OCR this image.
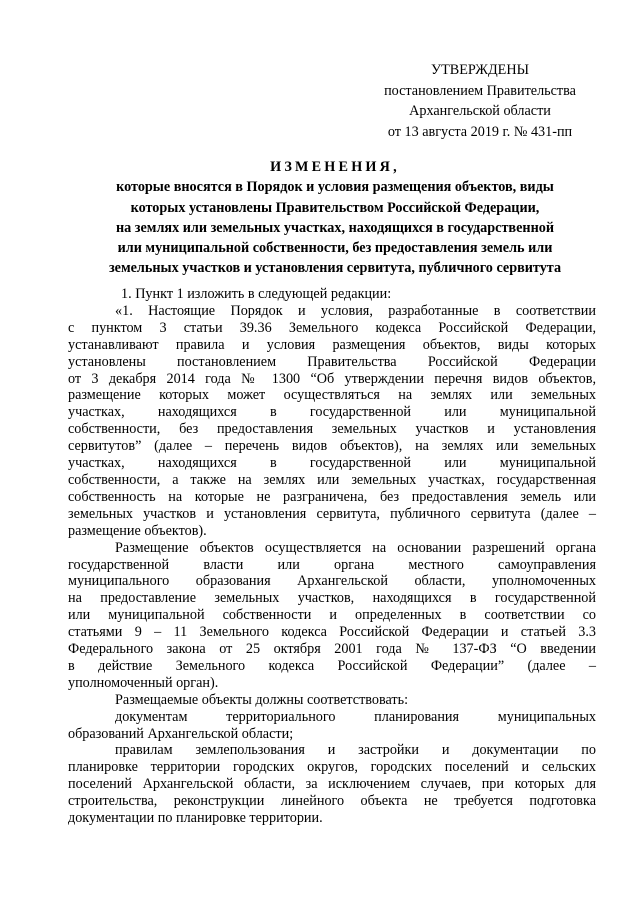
УТВЕРЖДЕНЫ
постановлением Правительства
Архангельской области
от 13 августа 2019 г. № 431-пп
ИЗМЕНЕНИЯ,
которые вносятся в Порядок и условия размещения объектов, виды
которых установлены Правительством Российской Федерации,
на землях или земельных участках, находящихся в государственной
или муниципальной собственности, без предоставления земель или
земельных участков и установления сервитута, публичного сервитута
1. Пункт 1 изложить в следующей редакции:
«1. Настоящие Порядок и условия, разработанные в соответствии
с пунктом 3 статьи 39.36 Земельного кодекса Российской Федерации,
устанавливают правила и условия размещения объектов, виды которых
установлены постановлением Правительства Российской Федерации
от 3 декабря 2014 года № 1300 “Об утверждении перечня видов объектов,
размещение которых может осуществляться на землях или земельных
участках, находящихся в государственной или муниципальной
собственности, без предоставления земельных участков и установления
сервитутов” (далее – перечень видов объектов), на землях или земельных
участках, находящихся в государственной или муниципальной
собственности, а также на землях или земельных участках, государственная
собственность на которые не разграничена, без предоставления земель или
земельных участков и установления сервитута, публичного сервитута (далее –
размещение объектов).
Размещение объектов осуществляется на основании разрешений органа
государственной власти или органа местного самоуправления
муниципального образования Архангельской области, уполномоченных
на предоставление земельных участков, находящихся в государственной
или муниципальной собственности и определенных в соответствии со
статьями 9 – 11 Земельного кодекса Российской Федерации и статьей 3.3
Федерального закона от 25 октября 2001 года № 137-ФЗ “О введении
в действие Земельного кодекса Российской Федерации” (далее –
уполномоченный орган).
Размещаемые объекты должны соответствовать:
документам территориального планирования муниципальных
образований Архангельской области;
правилам землепользования и застройки и документации по
планировке территории городских округов, городских поселений и сельских
поселений Архангельской области, за исключением случаев, при которых для
строительства, реконструкции линейного объекта не требуется подготовка
документации по планировке территории.
